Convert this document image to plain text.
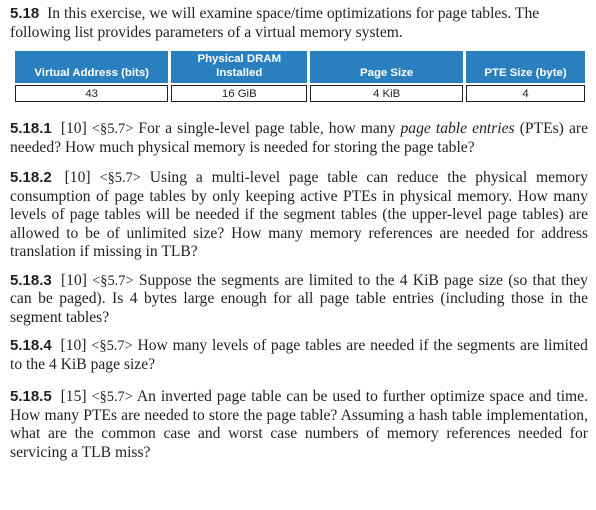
5.18 In this exercise, we will examine space/time optimizations for page tables. The following list provides parameters of a virtual memory system.

Virtual Address (bits)	Physical DRAM Installed	Page Size	PTE Size (byte)
43	16 GiB	4 KiB	4

5.18.1 [10] <§5.7> For a single-level page table, how many page table entries (PTEs) are needed? How much physical memory is needed for storing the page table?

5.18.2 [10] <§5.7> Using a multi-level page table can reduce the physical memory consumption of page tables by only keeping active PTEs in physical memory. How many levels of page tables will be needed if the segment tables (the upper-level page tables) are allowed to be of unlimited size? How many memory references are needed for address translation if missing in TLB?

5.18.3 [10] <§5.7> Suppose the segments are limited to the 4 KiB page size (so that they can be paged). Is 4 bytes large enough for all page table entries (including those in the segment tables?

5.18.4 [10] <§5.7> How many levels of page tables are needed if the segments are limited to the 4 KiB page size?

5.18.5 [15] <§5.7> An inverted page table can be used to further optimize space and time. How many PTEs are needed to store the page table? Assuming a hash table implementation, what are the common case and worst case numbers of memory references needed for servicing a TLB miss?
